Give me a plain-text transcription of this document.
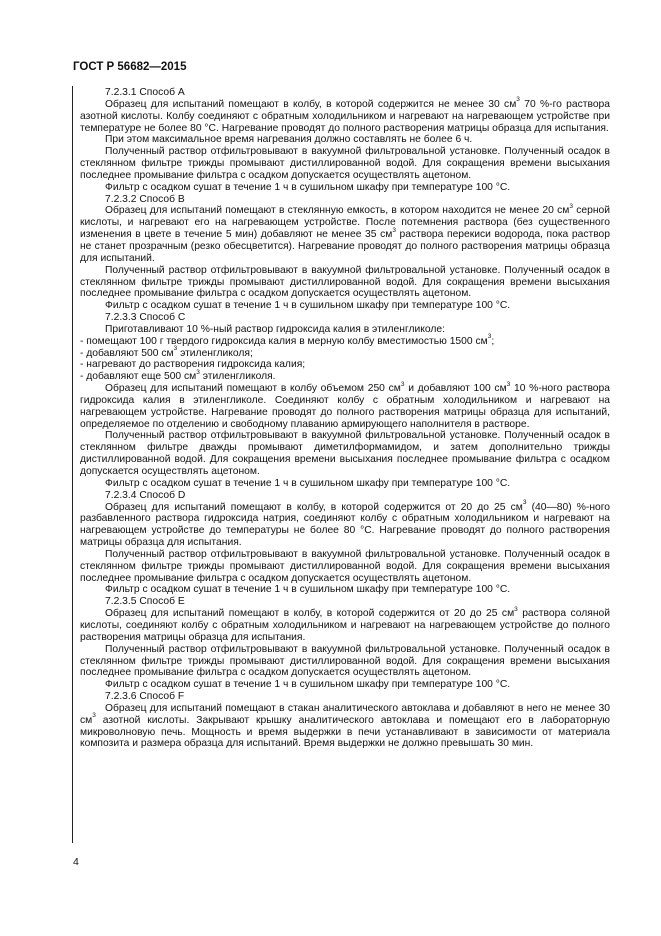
ГОСТ Р 56682—2015

7.2.3.1 Способ А

Образец для испытаний помещают в колбу, в которой содержится не менее 30 $см^3$ 70 %-го раствора азотной кислоты. Колбу соединяют с обратным холодильником и нагревают на нагревающем устройстве при температуре не более 80 °С. Нагревание проводят до полного растворения матрицы образца для испытания.

При этом максимальное время нагревания должно составлять не более 6 ч.

Полученный раствор отфильтровывают в вакуумной фильтровальной установке. Полученный осадок в стеклянном фильтре трижды промывают дистиллированной водой. Для сокращения времени высыхания последнее промывание фильтра с осадком допускается осуществлять ацетоном.

Фильтр с осадком сушат в течение 1 ч в сушильном шкафу при температуре 100 °С.

7.2.3.2 Способ В

Образец для испытаний помещают в стеклянную емкость, в котором находится не менее 20 $см^3$ серной кислоты, и нагревают его на нагревающем устройстве. После потемнения раствора (без существенного изменения в цвете в течение 5 мин) добавляют не менее 35 $см^3$ раствора перекиси водорода, пока раствор не станет прозрачным (резко обесцветится). Нагревание проводят до полного растворения матрицы образца для испытаний.

Полученный раствор отфильтровывают в вакуумной фильтровальной установке. Полученный осадок в стеклянном фильтре трижды промывают дистиллированной водой. Для сокращения времени высыхания последнее промывание фильтра с осадком допускается осуществлять ацетоном.

Фильтр с осадком сушат в течение 1 ч в сушильном шкафу при температуре 100 °С.

7.2.3.3 Способ С

Приготавливают 10 %-ный раствор гидроксида калия в этиленгликоле:

- помещают 100 г твердого гидроксида калия в мерную колбу вместимостью 1500 $см^3$;

- добавляют 500 $см^3$ этиленгликоля;

- нагревают до растворения гидроксида калия;

- добавляют еще 500 $см^3$ этиленгликоля.

Образец для испытаний помещают в колбу объемом 250 $см^3$ и добавляют 100 $см^3$ 10 %-ного раствора гидроксида калия в этиленгликоле. Соединяют колбу с обратным холодильником и нагревают на нагревающем устройстве. Нагревание проводят до полного растворения матрицы образца для испытаний, определяемое по отделению и свободному плаванию армирующего наполнителя в растворе.

Полученный раствор отфильтровывают в вакуумной фильтровальной установке. Полученный осадок в стеклянном фильтре дважды промывают диметилформамидом, и затем дополнительно трижды дистиллированной водой. Для сокращения времени высыхания последнее промывание фильтра с осадком допускается осуществлять ацетоном.

Фильтр с осадком сушат в течение 1 ч в сушильном шкафу при температуре 100 °С.

7.2.3.4 Способ D

Образец для испытаний помещают в колбу, в которой содержится от 20 до 25 $см^3$ (40—80) %-ного разбавленного раствора гидроксида натрия, соединяют колбу с обратным холодильником и нагревают на нагревающем устройстве до температуры не более 80 °С. Нагревание проводят до полного растворения матрицы образца для испытания.

Полученный раствор отфильтровывают в вакуумной фильтровальной установке. Полученный осадок в стеклянном фильтре трижды промывают дистиллированной водой. Для сокращения времени высыхания последнее промывание фильтра с осадком допускается осуществлять ацетоном.

Фильтр с осадком сушат в течение 1 ч в сушильном шкафу при температуре 100 °С.

7.2.3.5 Способ Е

Образец для испытаний помещают в колбу, в которой содержится от 20 до 25 $см^3$ раствора соляной кислоты, соединяют колбу с обратным холодильником и нагревают на нагревающем устройстве до полного растворения матрицы образца для испытания.

Полученный раствор отфильтровывают в вакуумной фильтровальной установке. Полученный осадок в стеклянном фильтре трижды промывают дистиллированной водой. Для сокращения времени высыхания последнее промывание фильтра с осадком допускается осуществлять ацетоном.

Фильтр с осадком сушат в течение 1 ч в сушильном шкафу при температуре 100 °С.

7.2.3.6 Способ F

Образец для испытаний помещают в стакан аналитического автоклава и добавляют в него не менее 30 $см^3$ азотной кислоты. Закрывают крышку аналитического автоклава и помещают его в лабораторную микроволновую печь. Мощность и время выдержки в печи устанавливают в зависимости от материала композита и размера образца для испытаний. Время выдержки не должно превышать 30 мин.

4
